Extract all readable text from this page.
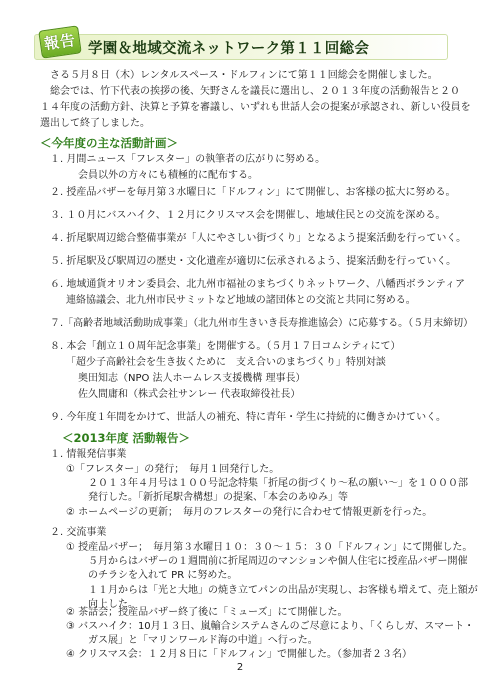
報告 学園＆地域交流ネットワーク第１１回総会
さる５月８日（木）レンタルスペース・ドルフィンにて第１１回総会を開催しました。
総会では、竹下代表の挨拶の後、矢野さんを議長に選出し、２０１３年度の活動報告と２０
１４年度の活動方針、決算と予算を審議し、いずれも世話人会の提案が承認され、新しい役員を
選出して終了しました。
＜今年度の主な活動計画＞
１. 月間ニュース「フレスター」の執筆者の広がりに努める。
会員以外の方々にも積極的に配布する。
２. 授産品バザーを毎月第３水曜日に「ドルフィン」にて開催し、お客様の拡大に努める。
３. １０月にバスハイク、１２月にクリスマス会を開催し、地域住民との交流を深める。
４. 折尾駅周辺総合整備事業が「人にやさしい街づくり」となるよう提案活動を行っていく。
５. 折尾駅及び駅周辺の歴史・文化遺産が適切に伝承されるよう、提案活動を行っていく。
６. 地域通貨オリオン委員会、北九州市福祉のまちづくりネットワーク、八幡西ボランティア
連絡協議会、北九州市民サミットなど地域の諸団体との交流と共同に努める。
７.「高齢者地域活動助成事業」（北九州市生きいき長寿推進協会）に応募する。（５月末締切）
８. 本会「創立１０周年記念事業」を開催する。（５月１７日コムシティにて）
「超少子高齢社会を生き抜くために　支え合いのまちづくり」特別対談
奥田知志（NPO 法人ホームレス支援機構 理事長）
佐久間庸和（株式会社サンレー 代表取締役社長）
９. 今年度１年間をかけて、世話人の補充、特に青年・学生に持続的に働きかけていく。
＜2013年度 活動報告＞
１. 情報発信事業
①「フレスター」の発行；　毎月１回発行した。
２０１３年４月号は１００号記念特集「折尾の街づくり～私の願い～」を１０００部
発行した。「新折尾駅舎構想」の提案、「本会のあゆみ」等
② ホームページの更新；　毎月のフレスターの発行に合わせて情報更新を行った。
２. 交流事業
① 授産品バザー；　毎月第３水曜日１０：３０～１５：３０「ドルフィン」にて開催した。
５月からはバザーの１週間前に折尾周辺のマンションや個人住宅に授産品バザー開催
のチラシを入れて PR に努めた。
１１月からは「光と大地」の焼き立てパンの出品が実現し、お客様も増えて、売上額が
向上した。
2
② 茶話会；授産品バザー終了後に「ミューズ」にて開催した。
③ バスハイク：10月１３日、嵐輸合システムさんのご尽意により、「くらしガ、スマート・
ガス展」と「マリンワールド海の中道」へ行った。
④ クリスマス会：１２月８日に「ドルフィン」で開催した。（参加者２３名）
